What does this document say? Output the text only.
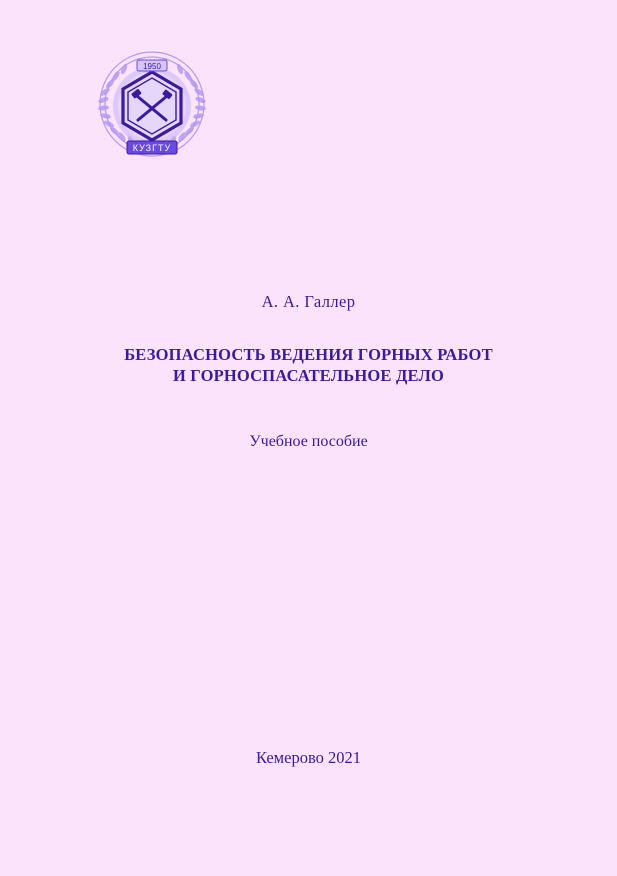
1950
КУЗГТУ

А. А. Галлер

БЕЗОПАСНОСТЬ ВЕДЕНИЯ ГОРНЫХ РАБОТ
И ГОРНОСПАСАТЕЛЬНОЕ ДЕЛО

Учебное пособие

Кемерово 2021
